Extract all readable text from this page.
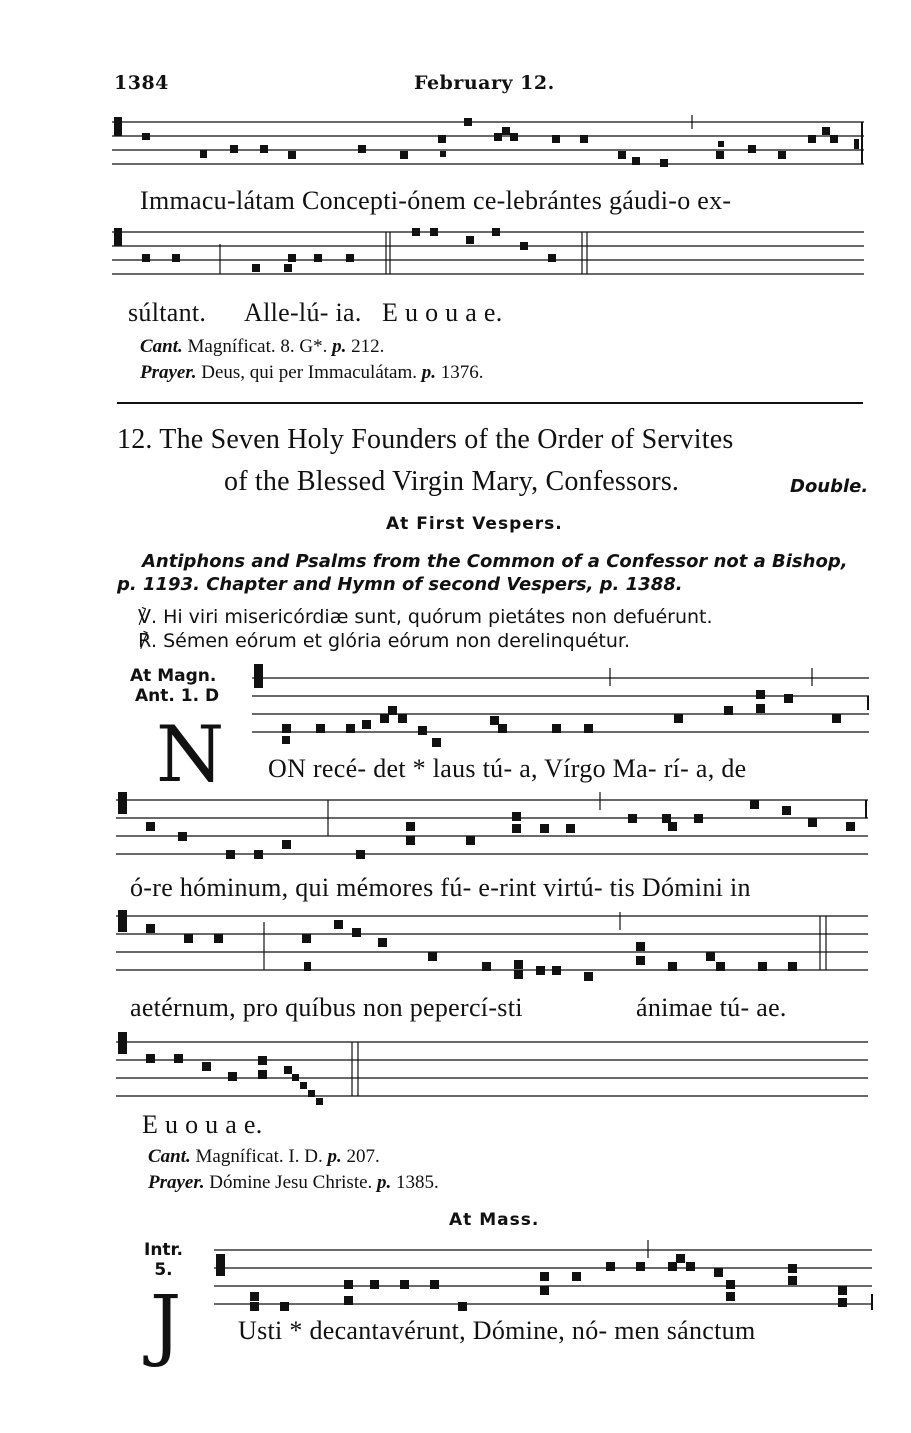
1384	February 12.
Immacu-látam Concepti-ónem ce-lebrántes gáudi-o ex-
súltant. Alle-lú- ia. E u o u a e.
Cant. Magníficat. 8. G*. p. 212.
Prayer. Deus, qui per Immaculátam. p. 1376.
12. The Seven Holy Founders of the Order of Servites
of the Blessed Virgin Mary, Confessors.	Double.
At First Vespers.
Antiphons and Psalms from the Common of a Confessor not a Bishop,
p. 1193. Chapter and Hymn of second Vespers, p. 1388.
℣. Hi viri misericórdiæ sunt, quórum pietátes non defuérunt.
℟. Sémen eórum et glória eórum non derelinquétur.
At Magn.
Ant. 1. D
N ON recé- det * laus tú- a, Vírgo Ma- rí- a, de
ó-re hóminum, qui mémores fú- e-rint virtú- tis Dómini in
aetérnum, pro quíbus non pepercí-sti	ánimae tú- ae.
E u o u a e.
Cant. Magníficat. I. D. p. 207.
Prayer. Dómine Jesu Christe. p. 1385.
At Mass.
Intr.
5.
J Usti * decantavérunt, Dómine, nó- men sánctum
